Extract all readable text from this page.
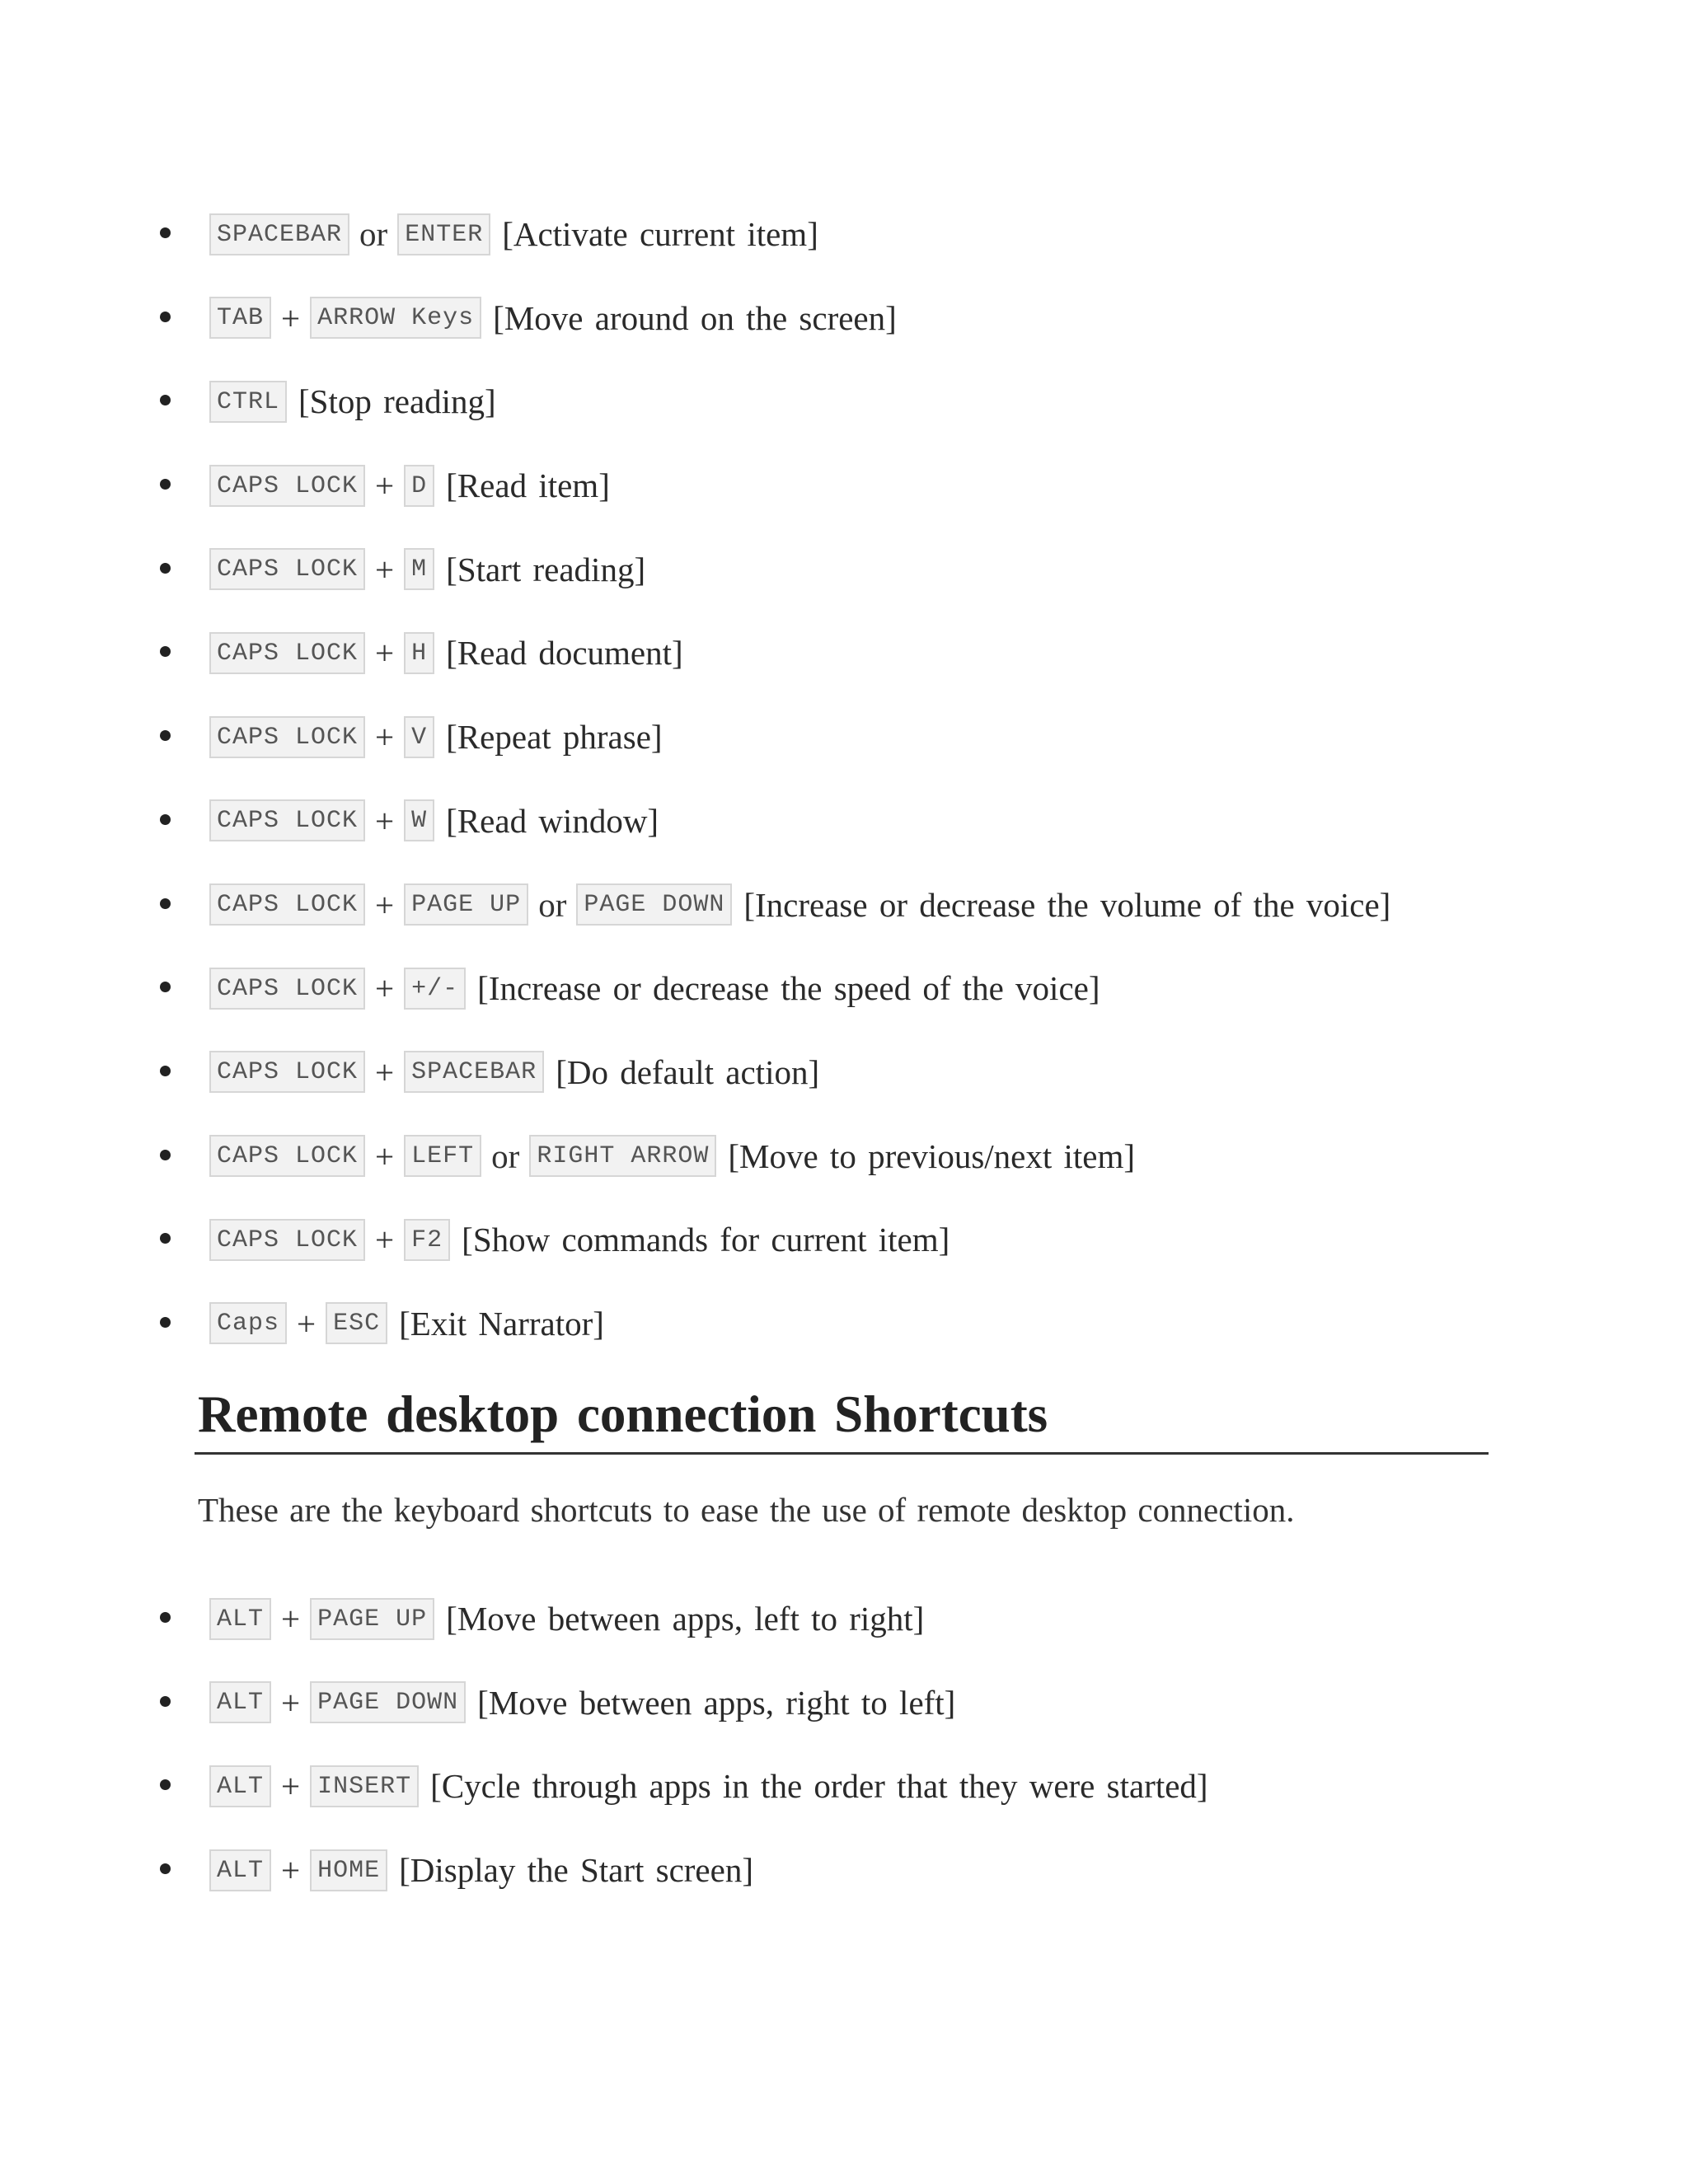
SPACEBAR or ENTER [Activate current item]
TAB + ARROW Keys [Move around on the screen]
CTRL [Stop reading]
CAPS LOCK + D [Read item]
CAPS LOCK + M [Start reading]
CAPS LOCK + H [Read document]
CAPS LOCK + V [Repeat phrase]
CAPS LOCK + W [Read window]
CAPS LOCK + PAGE UP or PAGE DOWN [Increase or decrease the volume of the voice]
CAPS LOCK + +/- [Increase or decrease the speed of the voice]
CAPS LOCK + SPACEBAR [Do default action]
CAPS LOCK + LEFT or RIGHT ARROW [Move to previous/next item]
CAPS LOCK + F2 [Show commands for current item]
Caps + ESC [Exit Narrator]
Remote desktop connection Shortcuts

These are the keyboard shortcuts to ease the use of remote desktop connection.

ALT + PAGE UP [Move between apps, left to right]
ALT + PAGE DOWN [Move between apps, right to left]
ALT + INSERT [Cycle through apps in the order that they were started]
ALT + HOME [Display the Start screen]
